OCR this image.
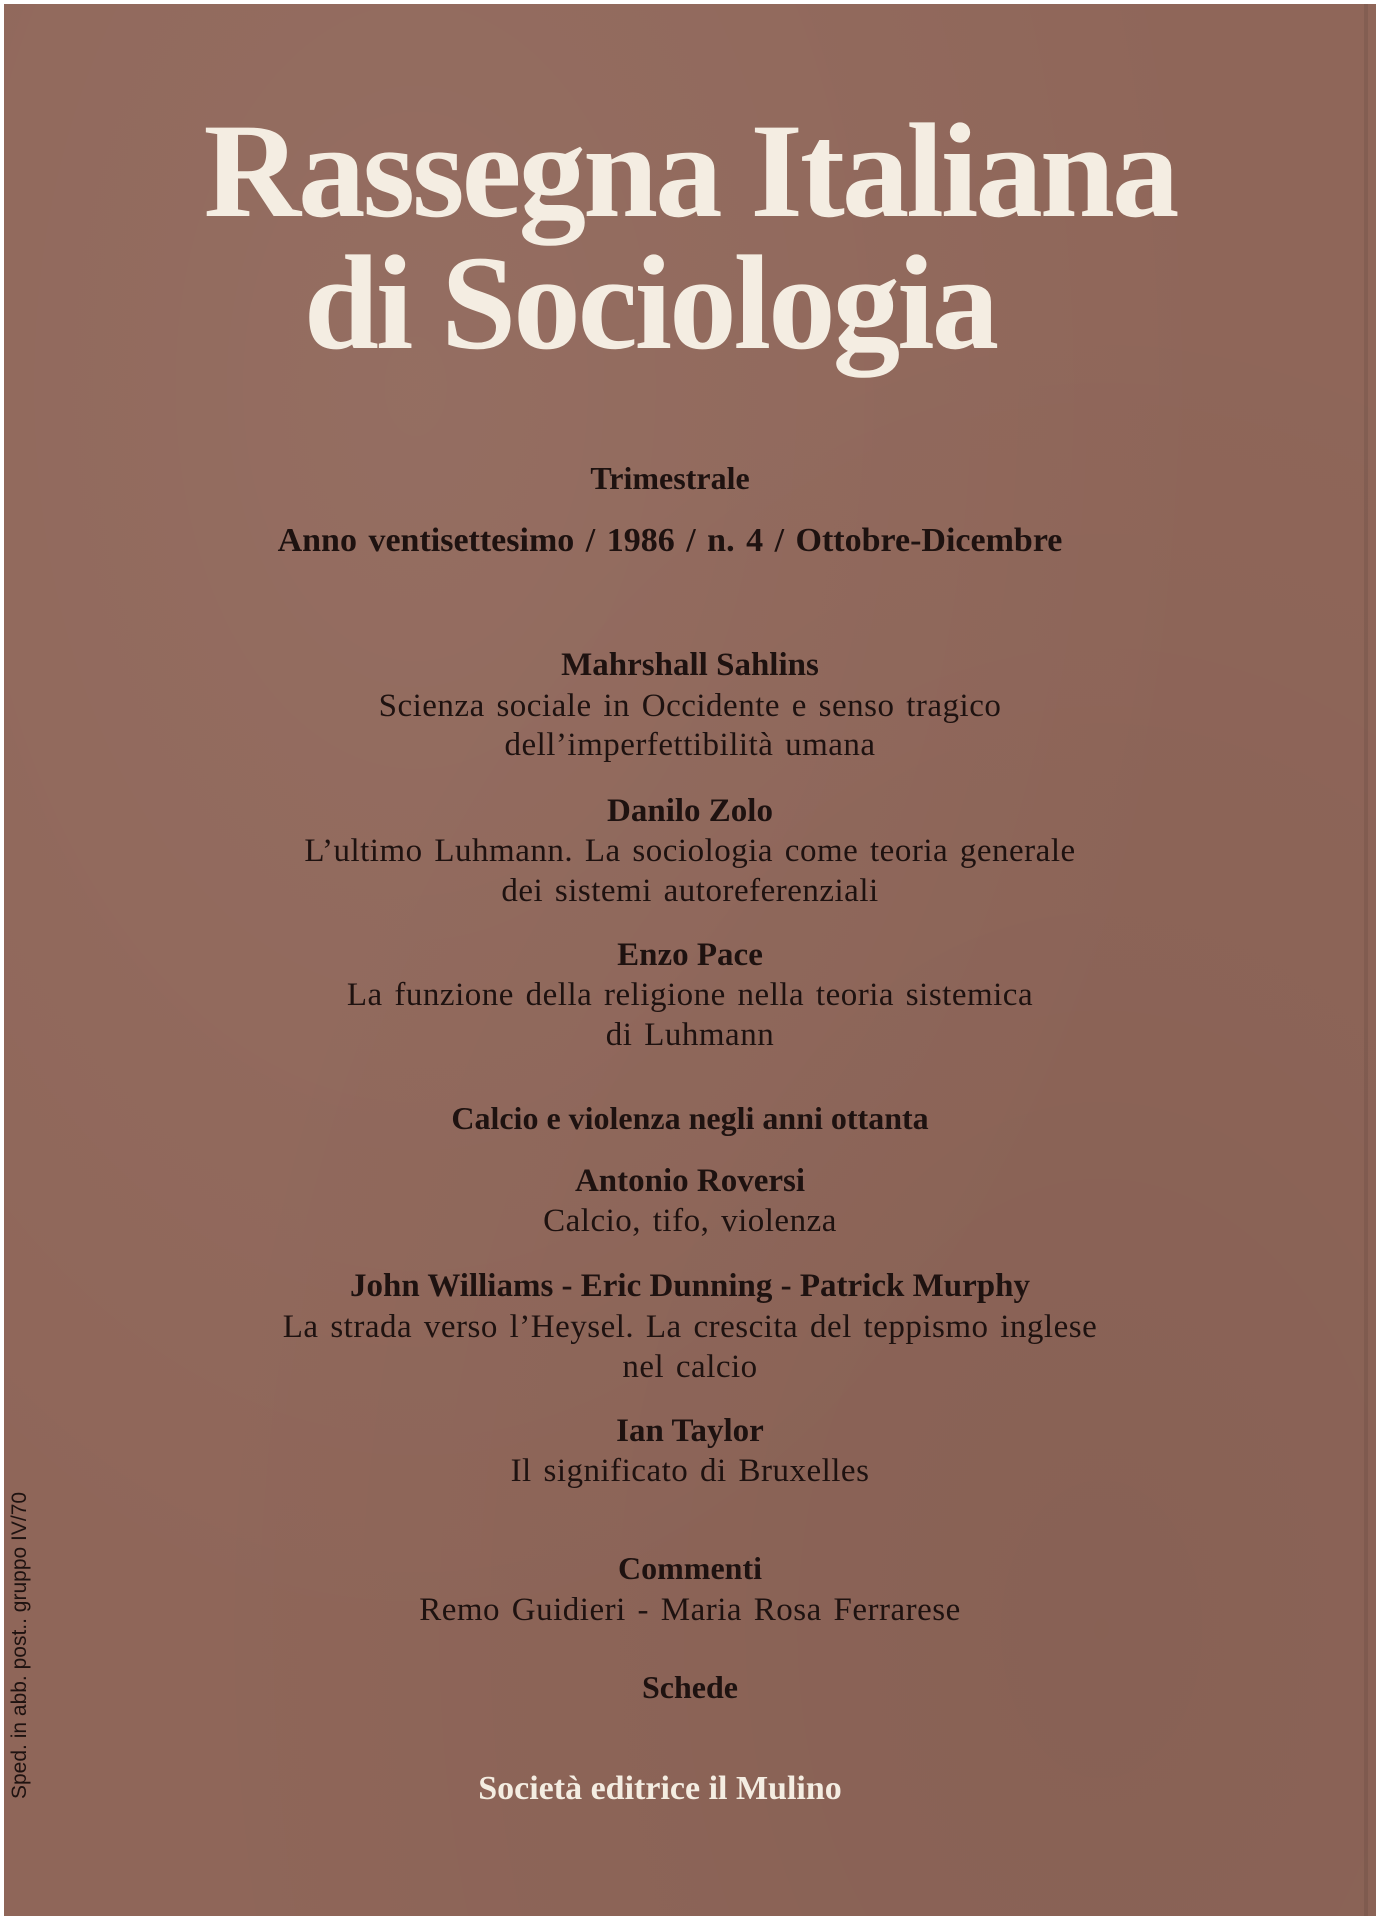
Rassegna Italiana
di Sociologia
Trimestrale
Anno ventisettesimo / 1986 / n. 4 / Ottobre-Dicembre
Mahrshall Sahlins
Scienza sociale in Occidente e senso tragico
dell’imperfettibilità umana
Danilo Zolo
L’ultimo Luhmann. La sociologia come teoria generale
dei sistemi autoreferenziali
Enzo Pace
La funzione della religione nella teoria sistemica
di Luhmann
Calcio e violenza negli anni ottanta
Antonio Roversi
Calcio, tifo, violenza
John Williams - Eric Dunning - Patrick Murphy
La strada verso l’Heysel. La crescita del teppismo inglese
nel calcio
Ian Taylor
Il significato di Bruxelles
Commenti
Remo Guidieri - Maria Rosa Ferrarese
Schede
Società editrice il Mulino
Sped. in abb. post.. gruppo IV/70
